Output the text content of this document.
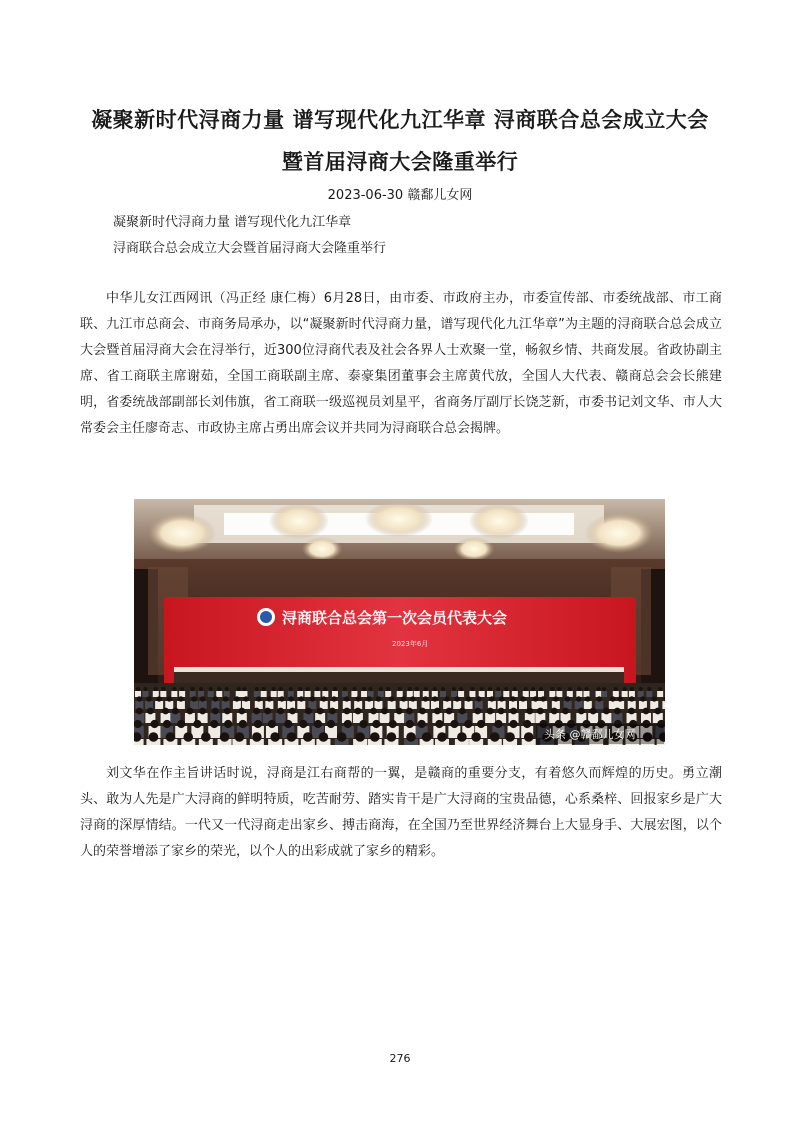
凝聚新时代浔商力量 谱写现代化九江华章 浔商联合总会成立大会
暨首届浔商大会隆重举行
2023-06-30 赣鄱儿女网
凝聚新时代浔商力量 谱写现代化九江华章
浔商联合总会成立大会暨首届浔商大会隆重举行

中华儿女江西网讯（冯正经 康仁梅）6月28日，由市委、市政府主办，市委宣传部、市委统战部、市工商联、九江市总商会、市商务局承办，以“凝聚新时代浔商力量，谱写现代化九江华章”为主题的浔商联合总会成立大会暨首届浔商大会在浔举行，近300位浔商代表及社会各界人士欢聚一堂，畅叙乡情、共商发展。省政协副主席、省工商联主席谢茹，全国工商联副主席、泰豪集团董事会主席黄代放，全国人大代表、赣商总会会长熊建明，省委统战部副部长刘伟旗，省工商联一级巡视员刘星平，省商务厅副厅长饶芝新，市委书记刘文华、市人大常委会主任廖奇志、市政协主席占勇出席会议并共同为浔商联合总会揭牌。

浔商联合总会第一次会员代表大会
2023年6月
头条 @赣鄱儿女网

刘文华在作主旨讲话时说，浔商是江右商帮的一翼，是赣商的重要分支，有着悠久而辉煌的历史。勇立潮头、敢为人先是广大浔商的鲜明特质，吃苦耐劳、踏实肯干是广大浔商的宝贵品德，心系桑梓、回报家乡是广大浔商的深厚情结。一代又一代浔商走出家乡、搏击商海，在全国乃至世界经济舞台上大显身手、大展宏图，以个人的荣誉增添了家乡的荣光，以个人的出彩成就了家乡的精彩。

276
